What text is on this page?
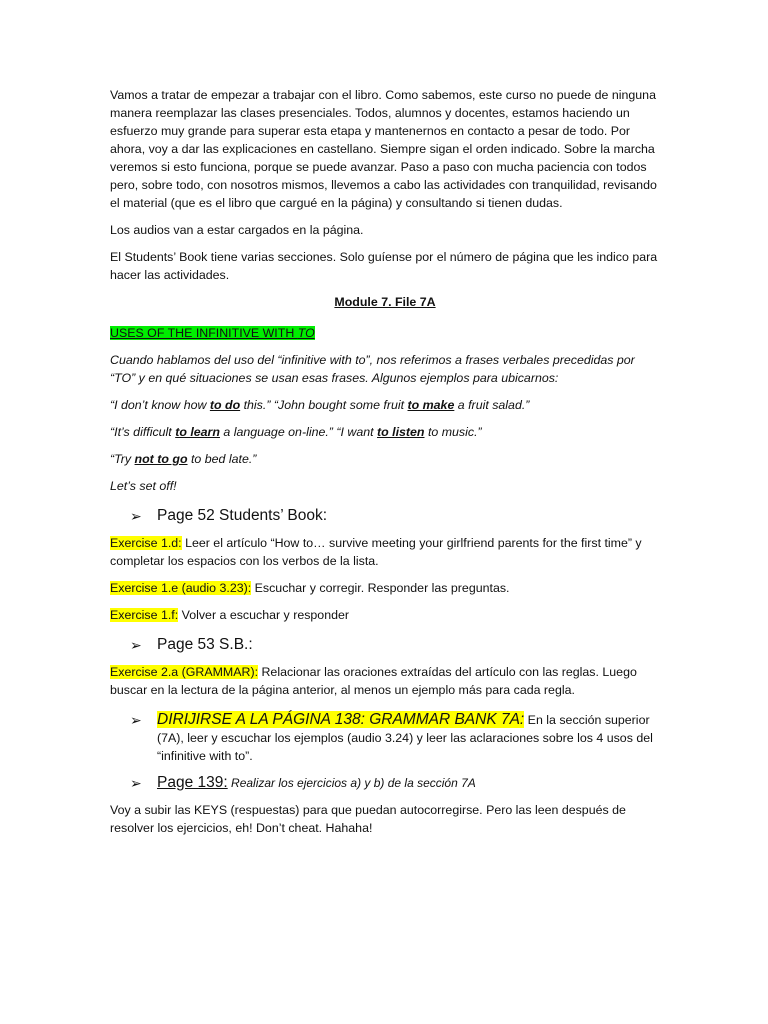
Vamos a tratar de empezar a trabajar con el libro. Como sabemos, este curso no puede de ninguna manera reemplazar las clases presenciales. Todos, alumnos y docentes, estamos haciendo un esfuerzo muy grande para superar esta etapa y mantenernos en contacto a pesar de todo. Por ahora, voy a dar las explicaciones en castellano. Siempre sigan el orden indicado. Sobre la marcha veremos si esto funciona, porque se puede avanzar. Paso a paso con mucha paciencia con todos pero, sobre todo, con nosotros mismos, llevemos a cabo las actividades con tranquilidad, revisando el material (que es el libro que cargué en la página) y consultando si tienen dudas.

Los audios van a estar cargados en la página.

El Students’ Book tiene varias secciones. Solo guíense por el número de página que les indico para hacer las actividades.

Module 7. File 7A

USES OF THE INFINITIVE WITH TO

Cuando hablamos del uso del “infinitive with to”, nos referimos a frases verbales precedidas por “TO” y en qué situaciones se usan esas frases. Algunos ejemplos para ubicarnos:

“I don’t know how to do this.” “John bought some fruit to make a fruit salad.”

“It’s difficult to learn a language on-line.” “I want to listen to music.”

“Try not to go to bed late.”

Let’s set off!

➢ Page 52 Students’ Book:

Exercise 1.d: Leer el artículo “How to… survive meeting your girlfriend parents for the first time” y completar los espacios con los verbos de la lista.

Exercise 1.e (audio 3.23): Escuchar y corregir. Responder las preguntas.

Exercise 1.f: Volver a escuchar y responder

➢ Page 53 S.B.:

Exercise 2.a (GRAMMAR): Relacionar las oraciones extraídas del artículo con las reglas. Luego buscar en la lectura de la página anterior, al menos un ejemplo más para cada regla.

➢ DIRIJIRSE A LA PÁGINA 138: GRAMMAR BANK 7A: En la sección superior (7A), leer y escuchar los ejemplos (audio 3.24) y leer las aclaraciones sobre los 4 usos del “infinitive with to”.
➢ Page 139: Realizar los ejercicios a) y b) de la sección 7A

Voy a subir las KEYS (respuestas) para que puedan autocorregirse. Pero las leen después de resolver los ejercicios, eh! Don’t cheat. Hahaha!
